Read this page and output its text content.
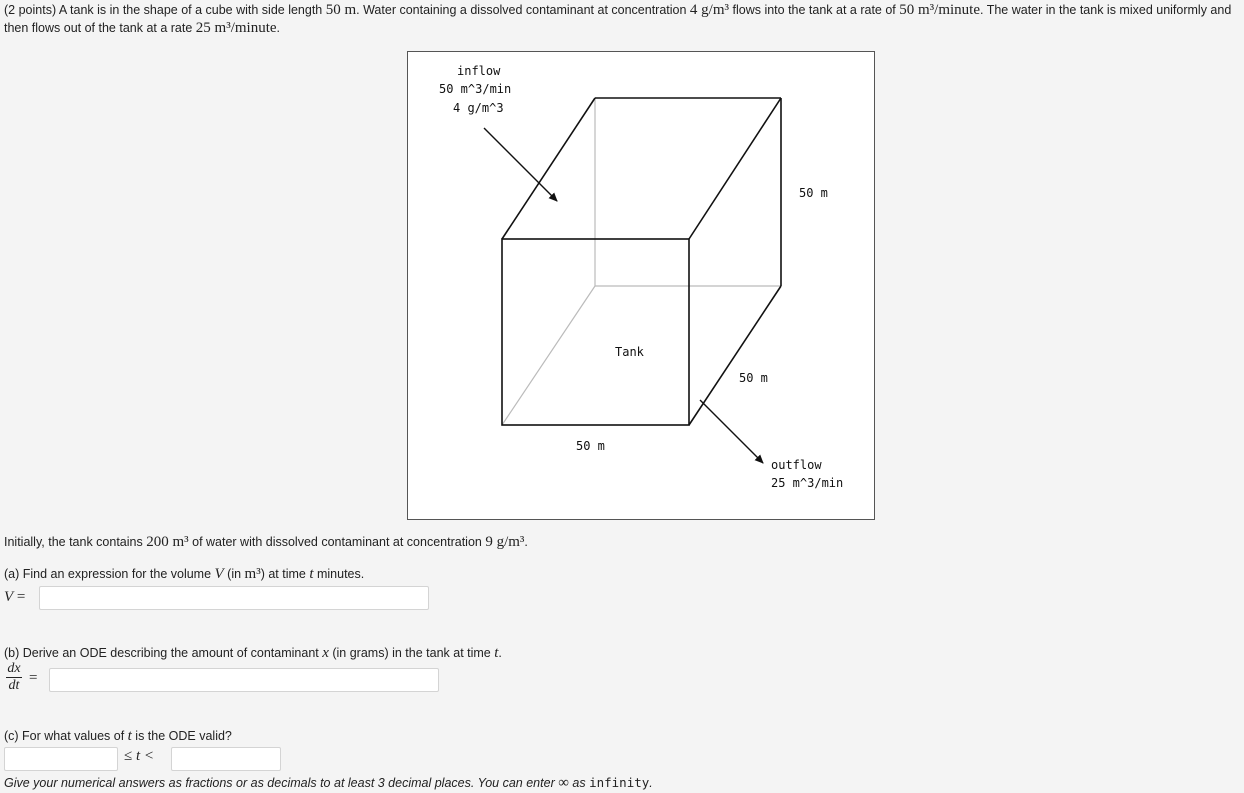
(2 points) A tank is in the shape of a cube with side length 50 m. Water containing a dissolved contaminant at concentration 4 g/m³ flows into the tank at a rate of 50 m³/minute. The water in the tank is mixed uniformly and then flows out of the tank at a rate 25 m³/minute.
inflow
50 m^3/min
4 g/m^3
50 m
Tank
50 m
50 m
outflow
25 m^3/min
Initially, the tank contains 200 m³ of water with dissolved contaminant at concentration 9 g/m³.
(a) Find an expression for the volume V (in m³) at time t minutes.
V =
(b) Derive an ODE describing the amount of contaminant x (in grams) in the tank at time t.
$\frac{dx}{dt}$ =
(c) For what values of t is the ODE valid?
≤ t <
Give your numerical answers as fractions or as decimals to at least 3 decimal places. You can enter ∞ as infinity.
